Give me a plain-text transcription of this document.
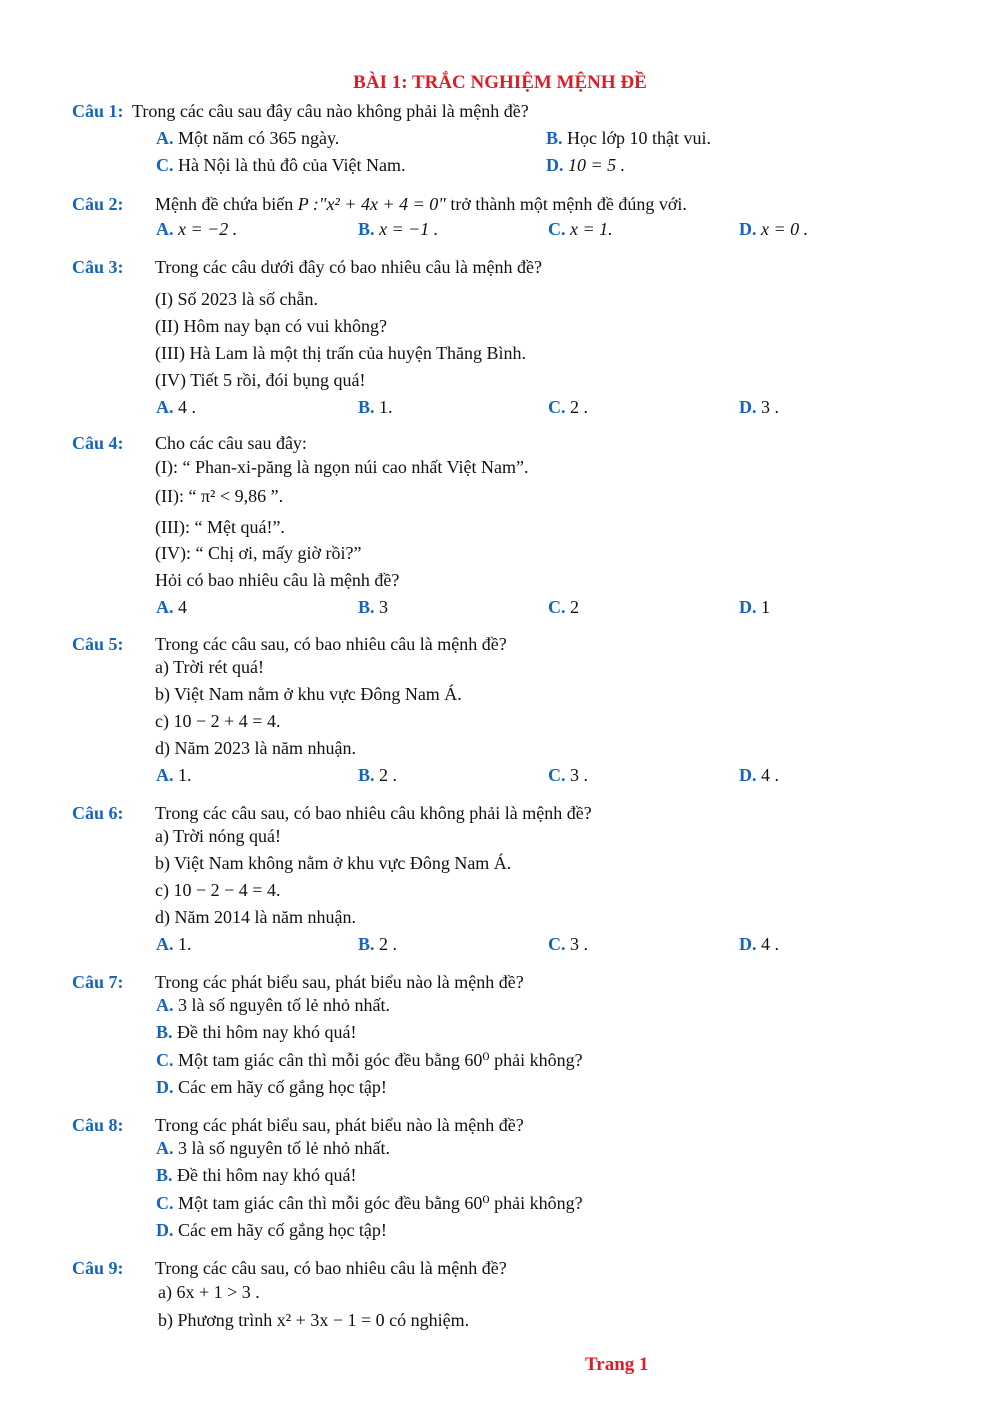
BÀI 1: TRẮC NGHIỆM MỆNH ĐỀ
Câu 1: Trong các câu sau đây câu nào không phải là mệnh đề?
A. Một năm có 365 ngày.	B. Học lớp 10 thật vui.
C. Hà Nội là thủ đô của Việt Nam.	D. 10 = 5 .
Câu 2: Mệnh đề chứa biến P :"x² + 4x + 4 = 0" trở thành một mệnh đề đúng với.
A. x = −2 .	B. x = −1 .	C. x = 1.	D. x = 0 .
Câu 3: Trong các câu dưới đây có bao nhiêu câu là mệnh đề?
(I) Số 2023 là số chẵn.
(II) Hôm nay bạn có vui không?
(III) Hà Lam là một thị trấn của huyện Thăng Bình.
(IV) Tiết 5 rồi, đói bụng quá!
A. 4 .	B. 1.	C. 2 .	D. 3 .
Câu 4: Cho các câu sau đây:
(I): “ Phan-xi-păng là ngọn núi cao nhất Việt Nam”.
(II): “ π² < 9,86 ”.
(III): “ Mệt quá!”.
(IV): “ Chị ơi, mấy giờ rồi?”
Hỏi có bao nhiêu câu là mệnh đề?
A. 4	B. 3	C. 2	D. 1
Câu 5: Trong các câu sau, có bao nhiêu câu là mệnh đề?
a) Trời rét quá!
b) Việt Nam nằm ở khu vực Đông Nam Á.
c) 10 − 2 + 4 = 4.
d) Năm 2023 là năm nhuận.
A. 1.	B. 2 .	C. 3 .	D. 4 .
Câu 6: Trong các câu sau, có bao nhiêu câu không phải là mệnh đề?
a) Trời nóng quá!
b) Việt Nam không nằm ở khu vực Đông Nam Á.
c) 10 − 2 − 4 = 4.
d) Năm 2014 là năm nhuận.
A. 1.	B. 2 .	C. 3 .	D. 4 .
Câu 7: Trong các phát biểu sau, phát biểu nào là mệnh đề?
A. 3 là số nguyên tố lẻ nhỏ nhất.
B. Đề thi hôm nay khó quá!
C. Một tam giác cân thì mỗi góc đều bằng 60⁰ phải không?
D. Các em hãy cố gắng học tập!
Câu 8: Trong các phát biểu sau, phát biểu nào là mệnh đề?
A. 3 là số nguyên tố lẻ nhỏ nhất.
B. Đề thi hôm nay khó quá!
C. Một tam giác cân thì mỗi góc đều bằng 60⁰ phải không?
D. Các em hãy cố gắng học tập!
Câu 9: Trong các câu sau, có bao nhiêu câu là mệnh đề?
a) 6x + 1 > 3 .
b) Phương trình x² + 3x − 1 = 0 có nghiệm.
Trang 1
